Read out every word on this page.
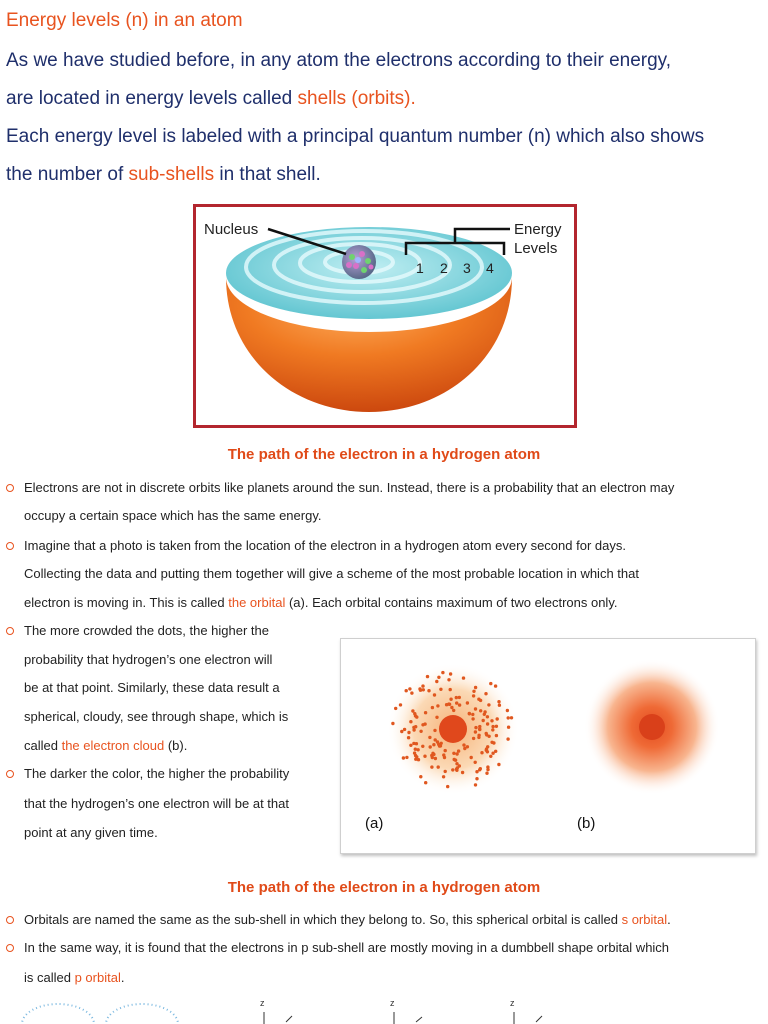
Energy levels (n) in an atom
As we have studied before, in any atom the electrons according to their energy,
are located in energy levels called shells (orbits).
Each energy level is labeled with a principal quantum number (n) which also shows
the number of sub-shells in that shell.
Nucleus	Energy
Levels
1 2 3 4
The path of the electron in a hydrogen atom
Electrons are not in discrete orbits like planets around the sun. Instead, there is a probability that an electron may
occupy a certain space which has the same energy.
Imagine that a photo is taken from the location of the electron in a hydrogen atom every second for days.
Collecting the data and putting them together will give a scheme of the most probable location in which that
electron is moving in. This is called the orbital (a). Each orbital contains maximum of two electrons only.
The more crowded the dots, the higher the
probability that hydrogen’s one electron will
be at that point. Similarly, these data result a
spherical, cloudy, see through shape, which is
called the electron cloud (b).
The darker the color, the higher the probability
that the hydrogen’s one electron will be at that
point at any given time.
(a)	(b)
The path of the electron in a hydrogen atom
Orbitals are named the same as the sub-shell in which they belong to. So, this spherical orbital is called s orbital.
In the same way, it is found that the electrons in p sub-shell are mostly moving in a dumbbell shape orbital which
is called p orbital.
z	z	z
